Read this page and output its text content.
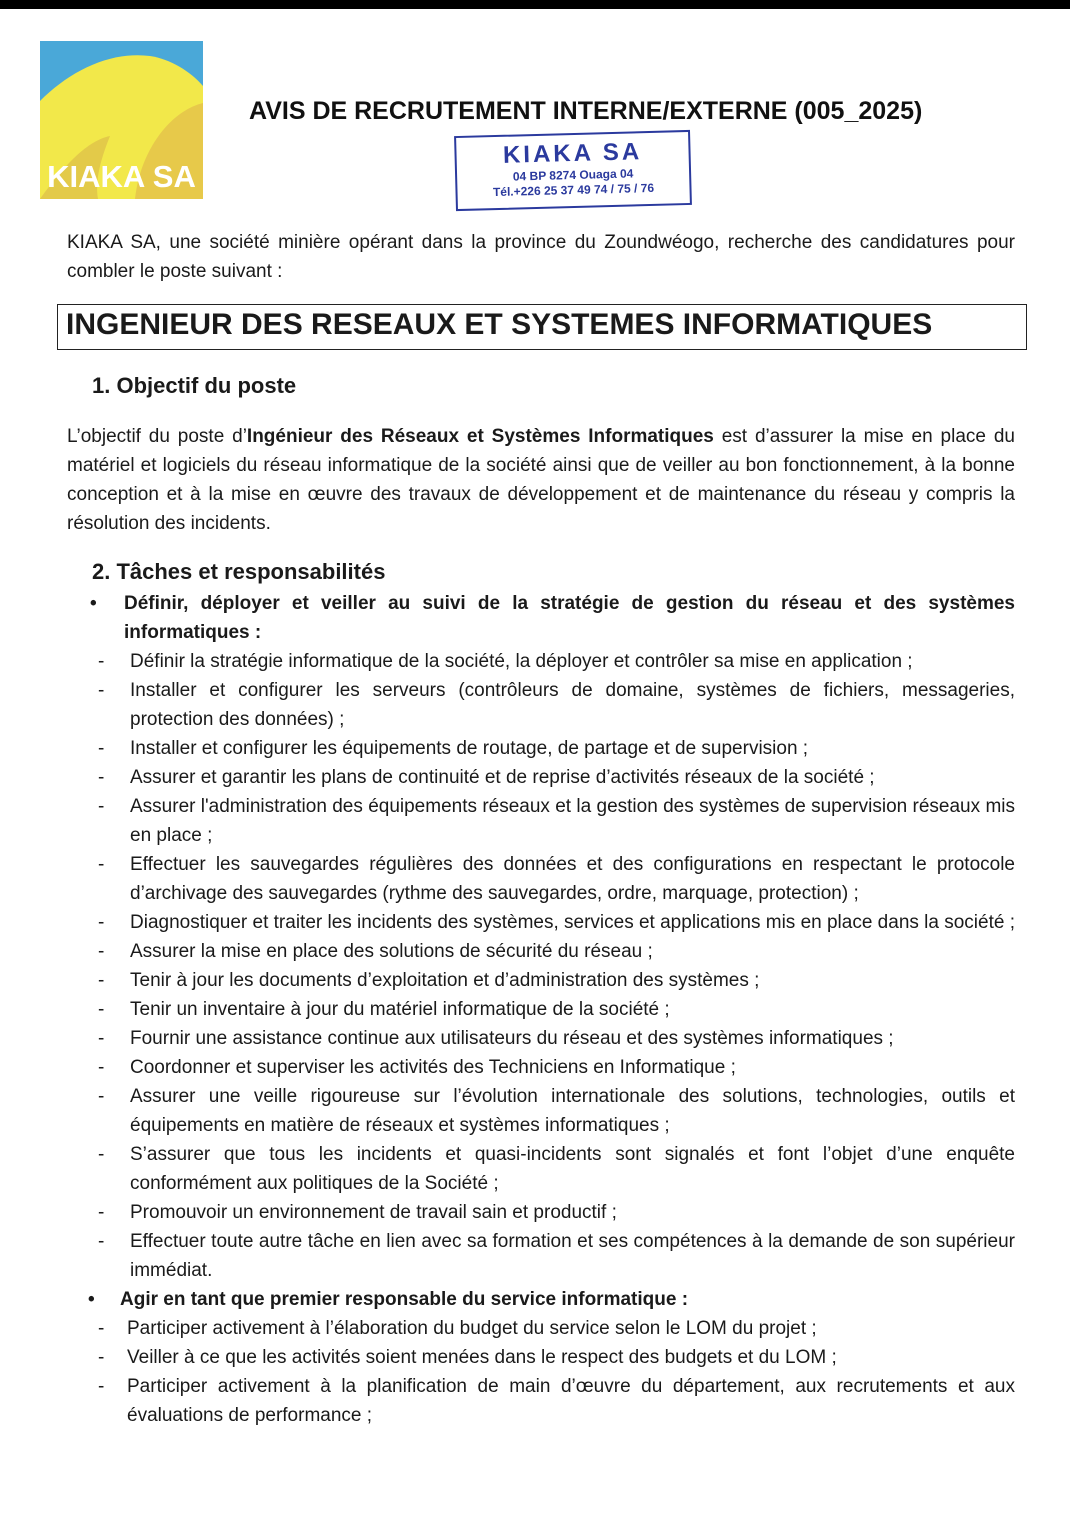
KIAKA SA
AVIS DE RECRUTEMENT INTERNE/EXTERNE (005_2025)
KIAKA SA
04 BP 8274 Ouaga 04
Tél.+226 25 37 49 74 / 75 / 76
KIAKA SA, une société minière opérant dans la province du Zoundwéogo, recherche des candidatures pour combler le poste suivant :
INGENIEUR DES RESEAUX ET SYSTEMES INFORMATIQUES
1. Objectif du poste
L’objectif du poste d’Ingénieur des Réseaux et Systèmes Informatiques est d’assurer la mise en place du matériel et logiciels du réseau informatique de la société ainsi que de veiller au bon fonctionnement, à la bonne conception et à la mise en œuvre des travaux de développement et de maintenance du réseau y compris la résolution des incidents.
2. Tâches et responsabilités
• Définir, déployer et veiller au suivi de la stratégie de gestion du réseau et des systèmes informatiques :
- Définir la stratégie informatique de la société, la déployer et contrôler sa mise en application ;
- Installer et configurer les serveurs (contrôleurs de domaine, systèmes de fichiers, messageries, protection des données) ;
- Installer et configurer les équipements de routage, de partage et de supervision ;
- Assurer et garantir les plans de continuité et de reprise d’activités réseaux de la société ;
- Assurer l'administration des équipements réseaux et la gestion des systèmes de supervision réseaux mis en place ;
- Effectuer les sauvegardes régulières des données et des configurations en respectant le protocole d’archivage des sauvegardes (rythme des sauvegardes, ordre, marquage, protection) ;
- Diagnostiquer et traiter les incidents des systèmes, services et applications mis en place dans la société ;
- Assurer la mise en place des solutions de sécurité du réseau ;
- Tenir à jour les documents d’exploitation et d’administration des systèmes ;
- Tenir un inventaire à jour du matériel informatique de la société ;
- Fournir une assistance continue aux utilisateurs du réseau et des systèmes informatiques ;
- Coordonner et superviser les activités des Techniciens en Informatique ;
- Assurer une veille rigoureuse sur l’évolution internationale des solutions, technologies, outils et équipements en matière de réseaux et systèmes informatiques ;
- S’assurer que tous les incidents et quasi-incidents sont signalés et font l’objet d’une enquête conformément aux politiques de la Société ;
- Promouvoir un environnement de travail sain et productif ;
- Effectuer toute autre tâche en lien avec sa formation et ses compétences à la demande de son supérieur immédiat.
• Agir en tant que premier responsable du service informatique :
- Participer activement à l’élaboration du budget du service selon le LOM du projet ;
- Veiller à ce que les activités soient menées dans le respect des budgets et du LOM ;
- Participer activement à la planification de main d’œuvre du département, aux recrutements et aux évaluations de performance ;
